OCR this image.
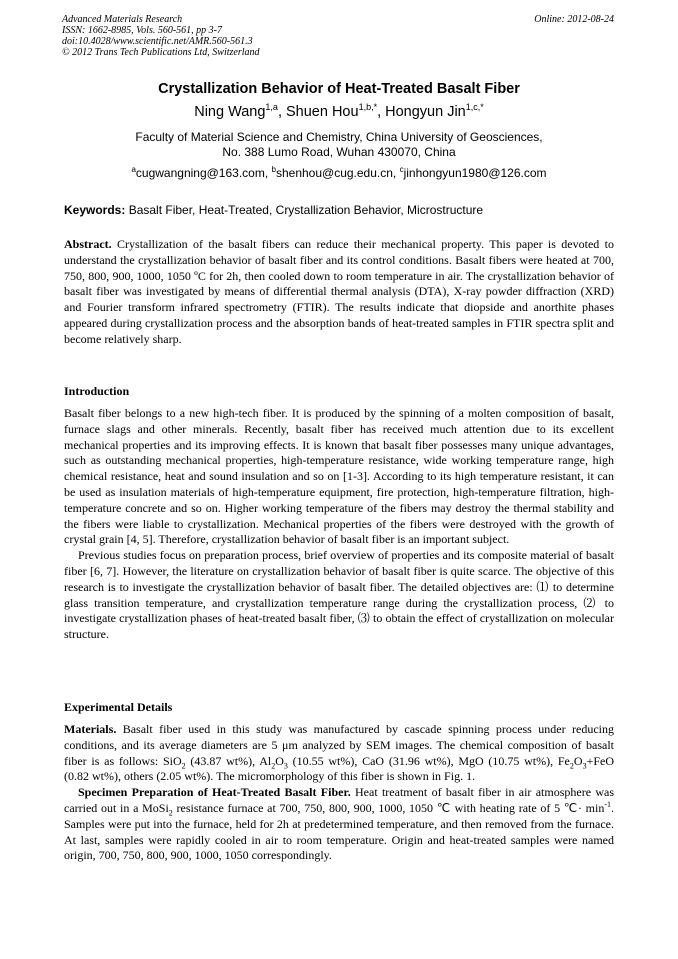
Advanced Materials Research
ISSN: 1662-8985, Vols. 560-561, pp 3-7
doi:10.4028/www.scientific.net/AMR.560-561.3
© 2012 Trans Tech Publications Ltd, Switzerland
Online: 2012-08-24
Crystallization Behavior of Heat-Treated Basalt Fiber
Ning Wang$^{1,a}$, Shuen Hou$^{1,b,*}$, Hongyun Jin$^{1,c,*}$
Faculty of Material Science and Chemistry, China University of Geosciences,
No. 388 Lumo Road, Wuhan 430070, China
$^a$cugwangning@163.com, $^b$shenhou@cug.edu.cn, $^c$jinhongyun1980@126.com
Keywords: Basalt Fiber, Heat-Treated, Crystallization Behavior, Microstructure

Abstract. Crystallization of the basalt fibers can reduce their mechanical property. This paper is devoted to understand the crystallization behavior of basalt fiber and its control conditions. Basalt fibers were heated at 700, 750, 800, 900, 1000, 1050 ºC for 2h, then cooled down to room temperature in air. The crystallization behavior of basalt fiber was investigated by means of differential thermal analysis (DTA), X-ray powder diffraction (XRD) and Fourier transform infrared spectrometry (FTIR). The results indicate that diopside and anorthite phases appeared during crystallization process and the absorption bands of heat-treated samples in FTIR spectra split and become relatively sharp.

Introduction

Basalt fiber belongs to a new high-tech fiber. It is produced by the spinning of a molten composition of basalt, furnace slags and other minerals. Recently, basalt fiber has received much attention due to its excellent mechanical properties and its improving effects. It is known that basalt fiber possesses many unique advantages, such as outstanding mechanical properties, high-temperature resistance, wide working temperature range, high chemical resistance, heat and sound insulation and so on [1-3]. According to its high temperature resistant, it can be used as insulation materials of high-temperature equipment, fire protection, high-temperature filtration, high-temperature concrete and so on. Higher working temperature of the fibers may destroy the thermal stability and the fibers were liable to crystallization. Mechanical properties of the fibers were destroyed with the growth of crystal grain [4, 5]. Therefore, crystallization behavior of basalt fiber is an important subject.

Previous studies focus on preparation process, brief overview of properties and its composite material of basalt fiber [6, 7]. However, the literature on crystallization behavior of basalt fiber is quite scarce. The objective of this research is to investigate the crystallization behavior of basalt fiber. The detailed objectives are: ⑴ to determine glass transition temperature, and crystallization temperature range during the crystallization process, ⑵ to investigate crystallization phases of heat-treated basalt fiber, ⑶ to obtain the effect of crystallization on molecular structure.

Experimental Details

Materials. Basalt fiber used in this study was manufactured by cascade spinning process under reducing conditions, and its average diameters are 5 μm analyzed by SEM images. The chemical composition of basalt fiber is as follows: SiO$_2$ (43.87 wt%), $Al_2O_3$ (10.55 wt%), CaO (31.96 wt%), MgO (10.75 wt%), $Fe_2O_3+FeO$ (0.82 wt%), others (2.05 wt%). The micromorphology of this fiber is shown in Fig. 1.

Specimen Preparation of Heat-Treated Basalt Fiber. Heat treatment of basalt fiber in air atmosphere was carried out in a MoSi$_2$ resistance furnace at 700, 750, 800, 900, 1000, 1050 ℃ with heating rate of 5 ℃· $\min^{-1}$. Samples were put into the furnace, held for 2h at predetermined temperature, and then removed from the furnace. At last, samples were rapidly cooled in air to room temperature. Origin and heat-treated samples were named origin, 700, 750, 800, 900, 1000, 1050 correspondingly.
